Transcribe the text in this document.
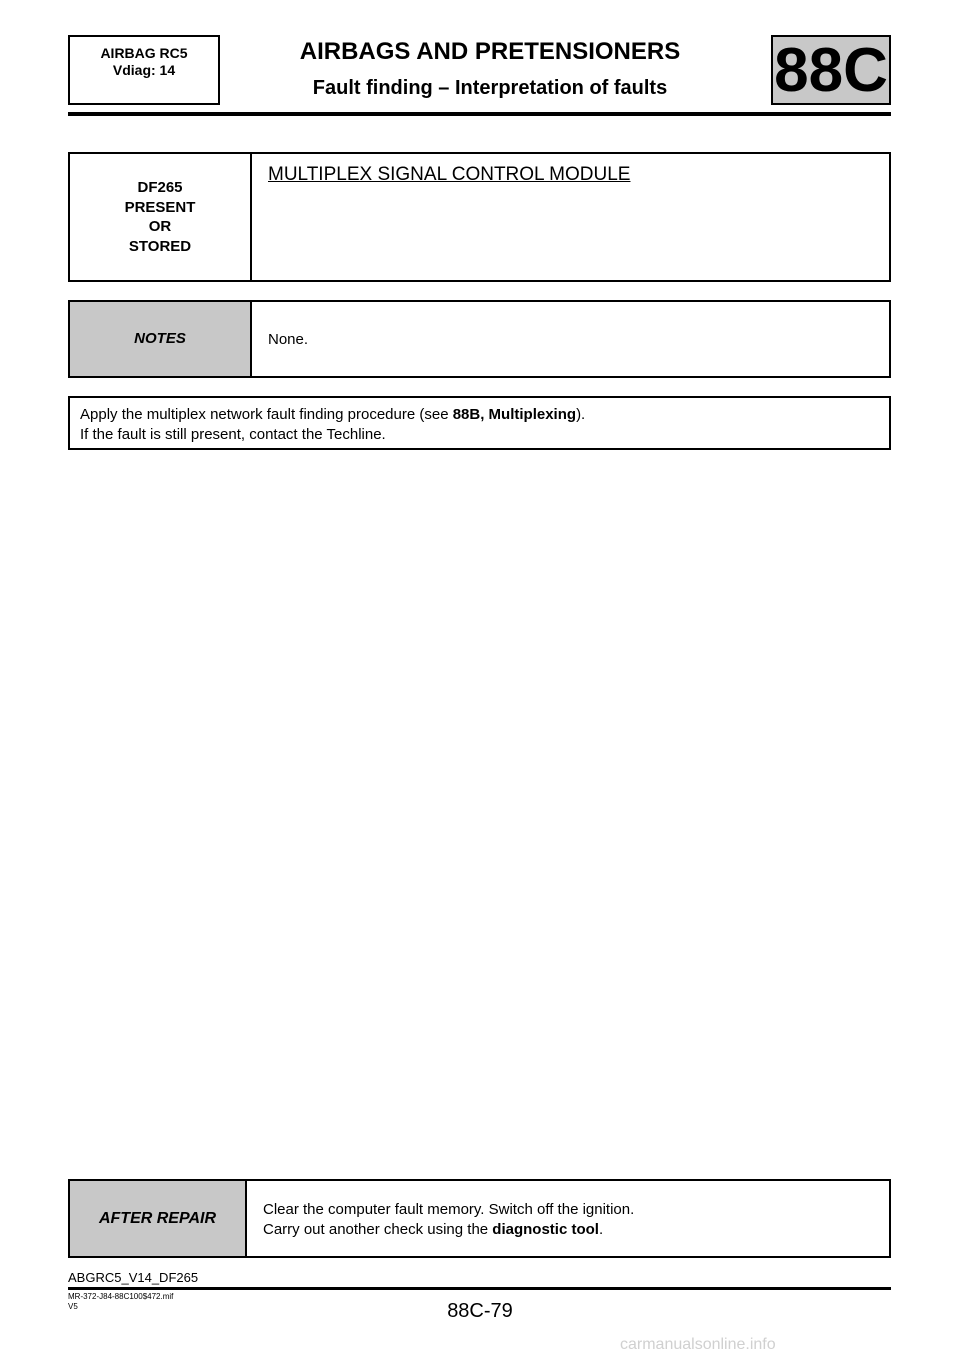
AIRBAG RC5
Vdiag: 14
AIRBAGS AND PRETENSIONERS
Fault finding – Interpretation of faults	88C
DF265
PRESENT
OR
STORED
MULTIPLEX SIGNAL CONTROL MODULE
NOTES	None.
Apply the multiplex network fault finding procedure (see 88B, Multiplexing).
If the fault is still present, contact the Techline.
AFTER REPAIR
Clear the computer fault memory. Switch off the ignition.
Carry out another check using the diagnostic tool.
ABGRC5_V14_DF265
MR-372-J84-88C100$472.mif
V5	88C-79
carmanualsonline.info
